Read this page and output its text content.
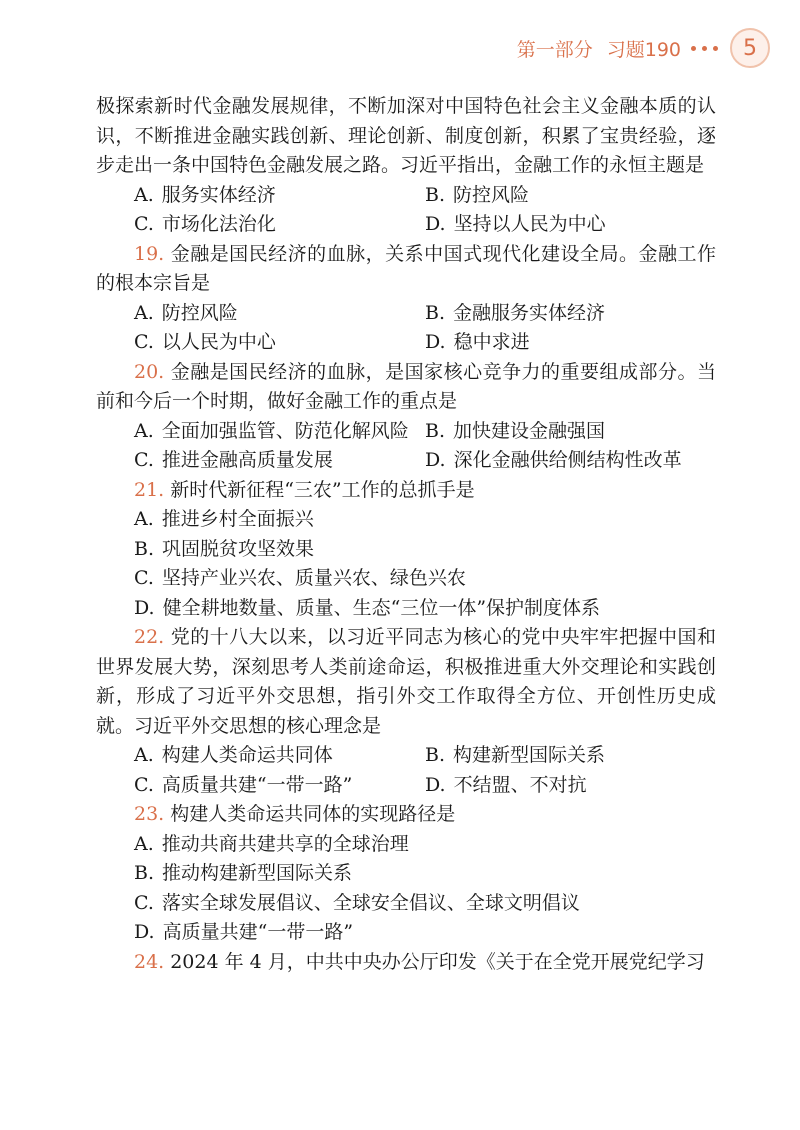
第一部分 习题190	5

极探索新时代金融发展规律，不断加深对中国特色社会主义金融本质的认识，不断推进金融实践创新、理论创新、制度创新，积累了宝贵经验，逐步走出一条中国特色金融发展之路。习近平指出，金融工作的永恒主题是

A. 服务实体经济	B. 防控风险
C. 市场化法治化	D. 坚持以人民为中心

19. 金融是国民经济的血脉，关系中国式现代化建设全局。金融工作的根本宗旨是

A. 防控风险	B. 金融服务实体经济
C. 以人民为中心	D. 稳中求进

20. 金融是国民经济的血脉，是国家核心竞争力的重要组成部分。当前和今后一个时期，做好金融工作的重点是

A. 全面加强监管、防范化解风险 B. 加快建设金融强国
C. 推进金融高质量发展	D. 深化金融供给侧结构性改革

21. 新时代新征程“三农”工作的总抓手是

A. 推进乡村全面振兴
B. 巩固脱贫攻坚效果
C. 坚持产业兴农、质量兴农、绿色兴农
D. 健全耕地数量、质量、生态“三位一体”保护制度体系

22. 党的十八大以来，以习近平同志为核心的党中央牢牢把握中国和世界发展大势，深刻思考人类前途命运，积极推进重大外交理论和实践创新，形成了习近平外交思想，指引外交工作取得全方位、开创性历史成就。习近平外交思想的核心理念是

A. 构建人类命运共同体	B. 构建新型国际关系
C. 高质量共建“一带一路”	D. 不结盟、不对抗

23. 构建人类命运共同体的实现路径是

A. 推动共商共建共享的全球治理
B. 推动构建新型国际关系
C. 落实全球发展倡议、全球安全倡议、全球文明倡议
D. 高质量共建“一带一路”

24. 2024 年 4 月，中共中央办公厅印发《关于在全党开展党纪学习
